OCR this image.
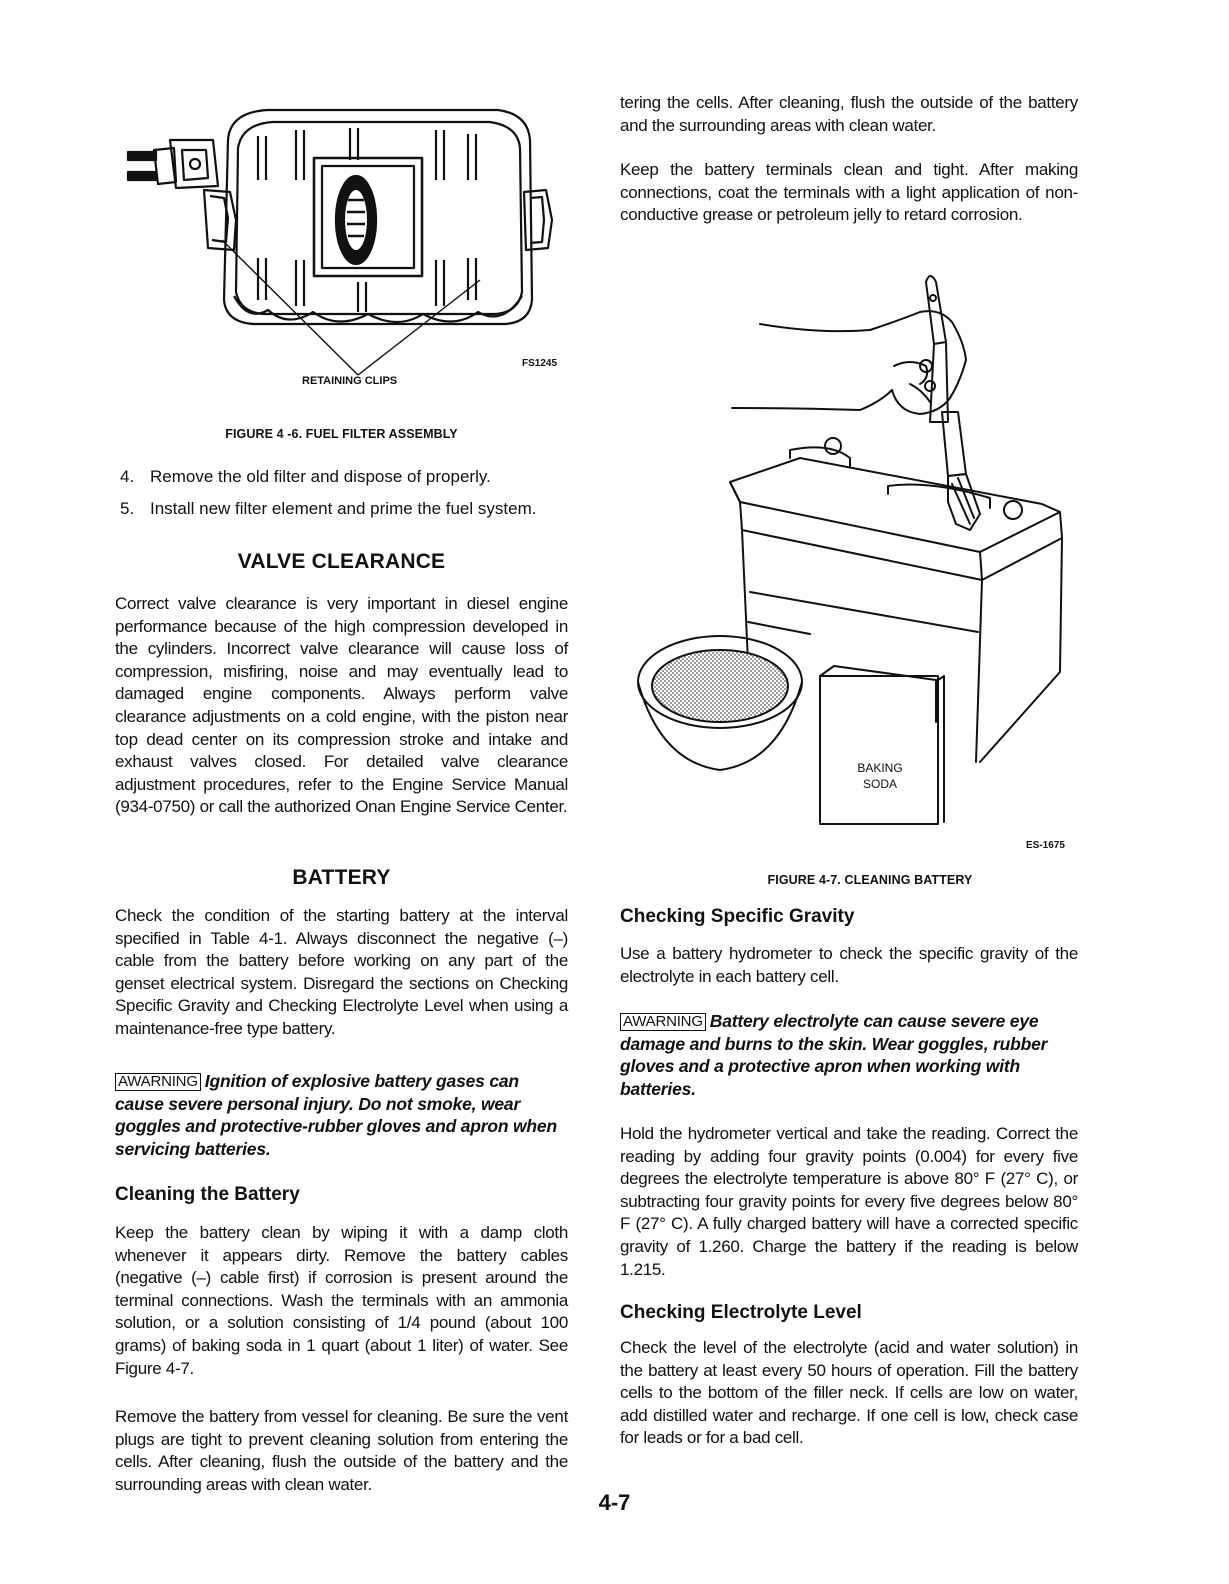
RETAINING CLIPS
FS1245
FIGURE 4 -6. FUEL FILTER ASSEMBLY
4. Remove the old filter and dispose of properly.
5. Install new filter element and prime the fuel system.
VALVE CLEARANCE

Correct valve clearance is very important in diesel engine performance because of the high compression developed in the cylinders. Incorrect valve clearance will cause loss of compression, misfiring, noise and may eventually lead to damaged engine components. Always perform valve clearance adjustments on a cold engine, with the piston near top dead center on its compression stroke and intake and exhaust valves closed. For detailed valve clearance adjustment procedures, refer to the Engine Service Manual (934-0750) or call the authorized Onan Engine Service Center.

BATTERY

Check the condition of the starting battery at the interval specified in Table 4-1. Always disconnect the negative (–) cable from the battery before working on any part of the genset electrical system. Disregard the sections on Checking Specific Gravity and Checking Electrolyte Level when using a maintenance-free type battery.

AWARNING Ignition of explosive battery gases can cause severe personal injury. Do not smoke, wear goggles and protective-rubber gloves and apron when servicing batteries.
Cleaning the Battery

Keep the battery clean by wiping it with a damp cloth whenever it appears dirty. Remove the battery cables (negative (–) cable first) if corrosion is present around the terminal connections. Wash the terminals with an ammonia solution, or a solution consisting of 1/4 pound (about 100 grams) of baking soda in 1 quart (about 1 liter) of water. See Figure 4-7.

Remove the battery from vessel for cleaning. Be sure the vent plugs are tight to prevent cleaning solution from entering the cells. After cleaning, flush the outside of the battery and the surrounding areas with clean water.

tering the cells. After cleaning, flush the outside of the battery and the surrounding areas with clean water.

Keep the battery terminals clean and tight. After making connections, coat the terminals with a light application of non-conductive grease or petroleum jelly to retard corrosion.

BAKING
SODA
ES-1675
FIGURE 4-7. CLEANING BATTERY
Checking Specific Gravity

Use a battery hydrometer to check the specific gravity of the electrolyte in each battery cell.

AWARNING Battery electrolyte can cause severe eye damage and burns to the skin. Wear goggles, rubber gloves and a protective apron when working with batteries.

Hold the hydrometer vertical and take the reading. Correct the reading by adding four gravity points (0.004) for every five degrees the electrolyte temperature is above 80° F (27° C), or subtracting four gravity points for every five degrees below 80° F (27° C). A fully charged battery will have a corrected specific gravity of 1.260. Charge the battery if the reading is below 1.215.

Checking Electrolyte Level

Check the level of the electrolyte (acid and water solution) in the battery at least every 50 hours of operation. Fill the battery cells to the bottom of the filler neck. If cells are low on water, add distilled water and recharge. If one cell is low, check case for leads or for a bad cell.

4-7
